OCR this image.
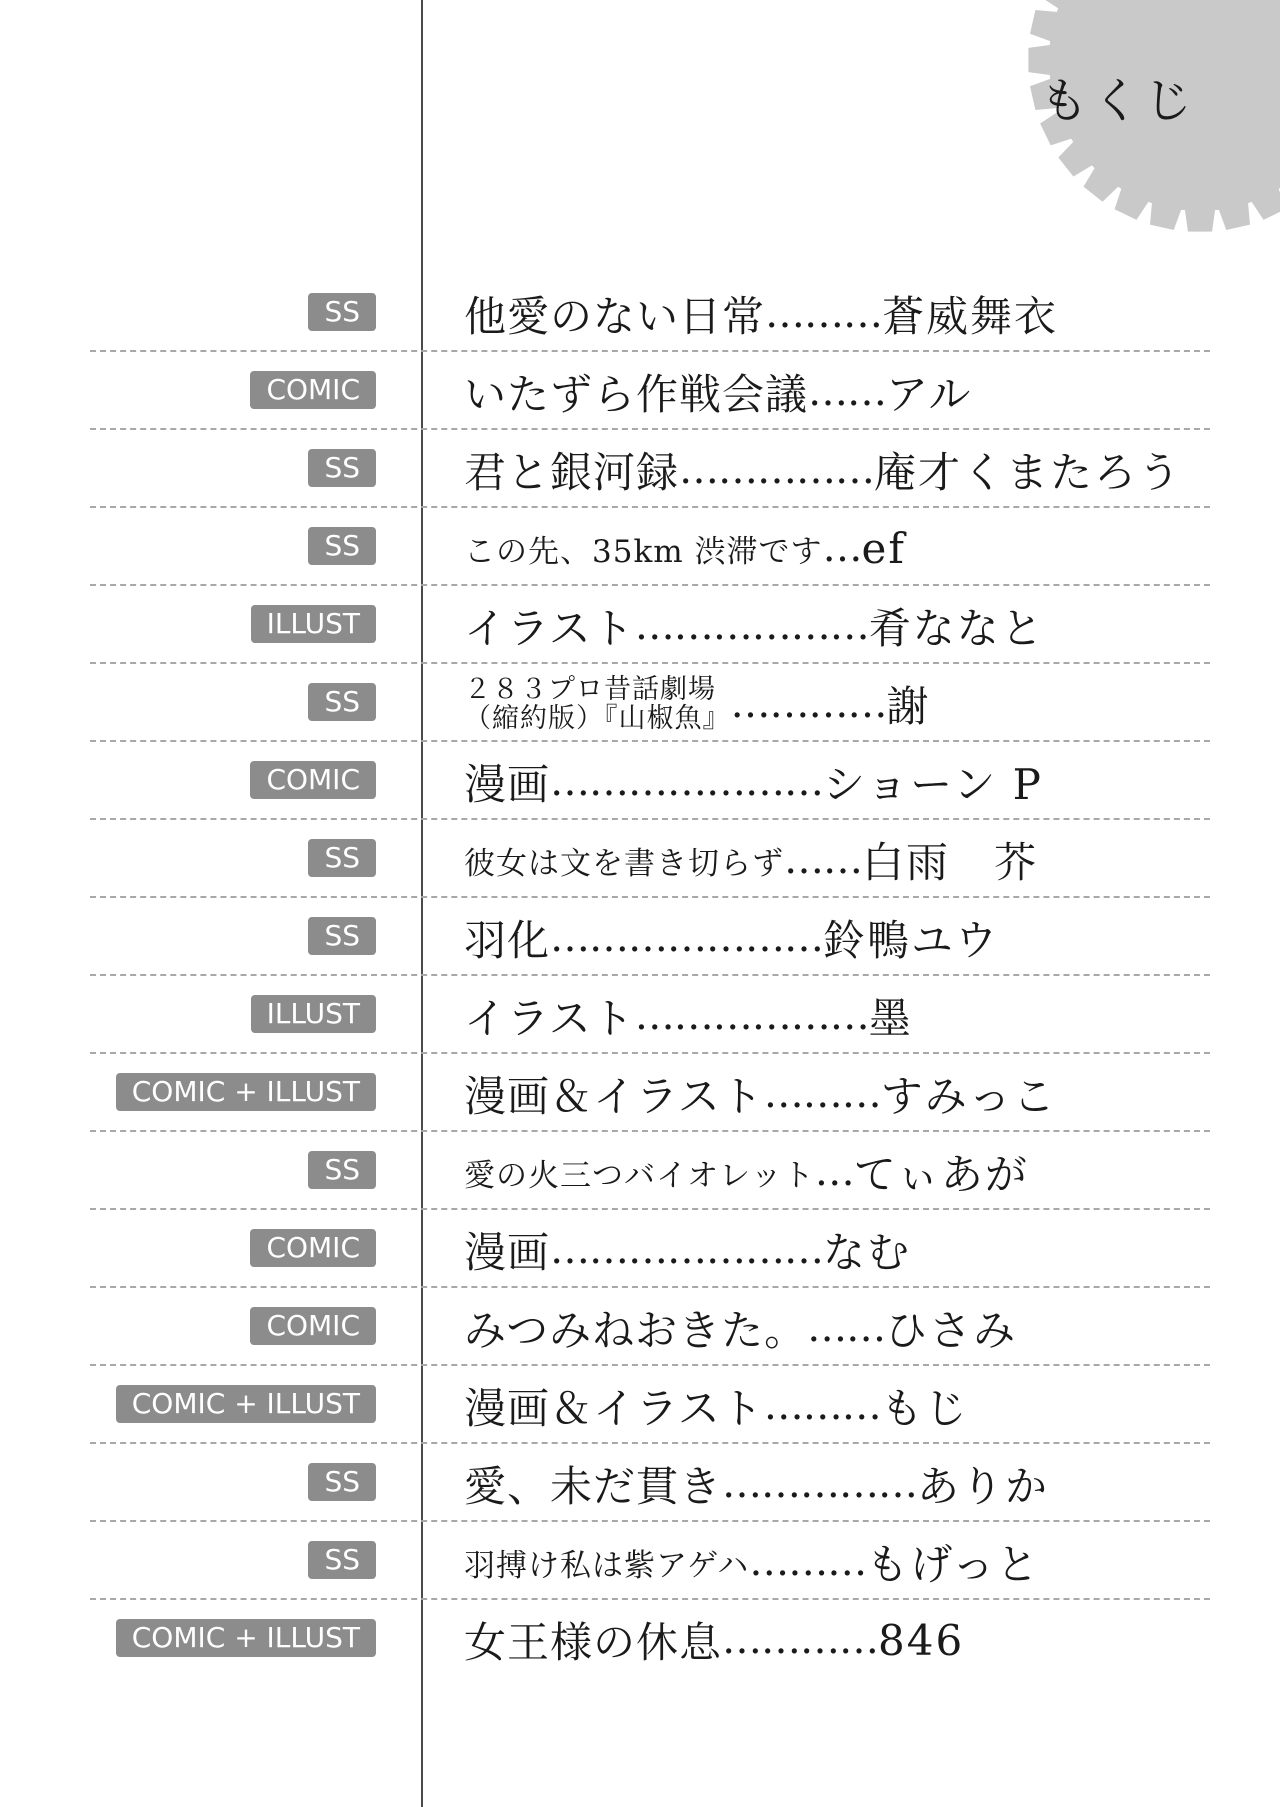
もくじ
SS	他愛のない日常 ……… 蒼威舞衣
COMIC	いたずら作戦会議 …… アル
SS	君と銀河録 …………… 庵才くまたろう
SS	この先、35km 渋滞です … ef
ILLUST	イラスト ……………… 肴ななと
SS	２８３プロ昔話劇場
（縮約版）『山椒魚』 ………… 謝
COMIC	漫画 ………………… ショーン P
SS	彼女は文を書き切らず …… 白雨　芥
SS	羽化 ………………… 鈴鴨ユウ
ILLUST	イラスト ……………… 墨
COMIC + ILLUST	漫画＆イラスト ……… すみっこ
SS	愛の火三つバイオレット … てぃあが
COMIC	漫画 ………………… なむ
COMIC	みつみねおきた。 …… ひさみ
COMIC + ILLUST	漫画＆イラスト ……… もじ
SS	愛、未だ貫き …………… ありか
SS	羽搏け私は紫アゲハ ……… もげっと
COMIC + ILLUST	女王様の休息 ………… 846
